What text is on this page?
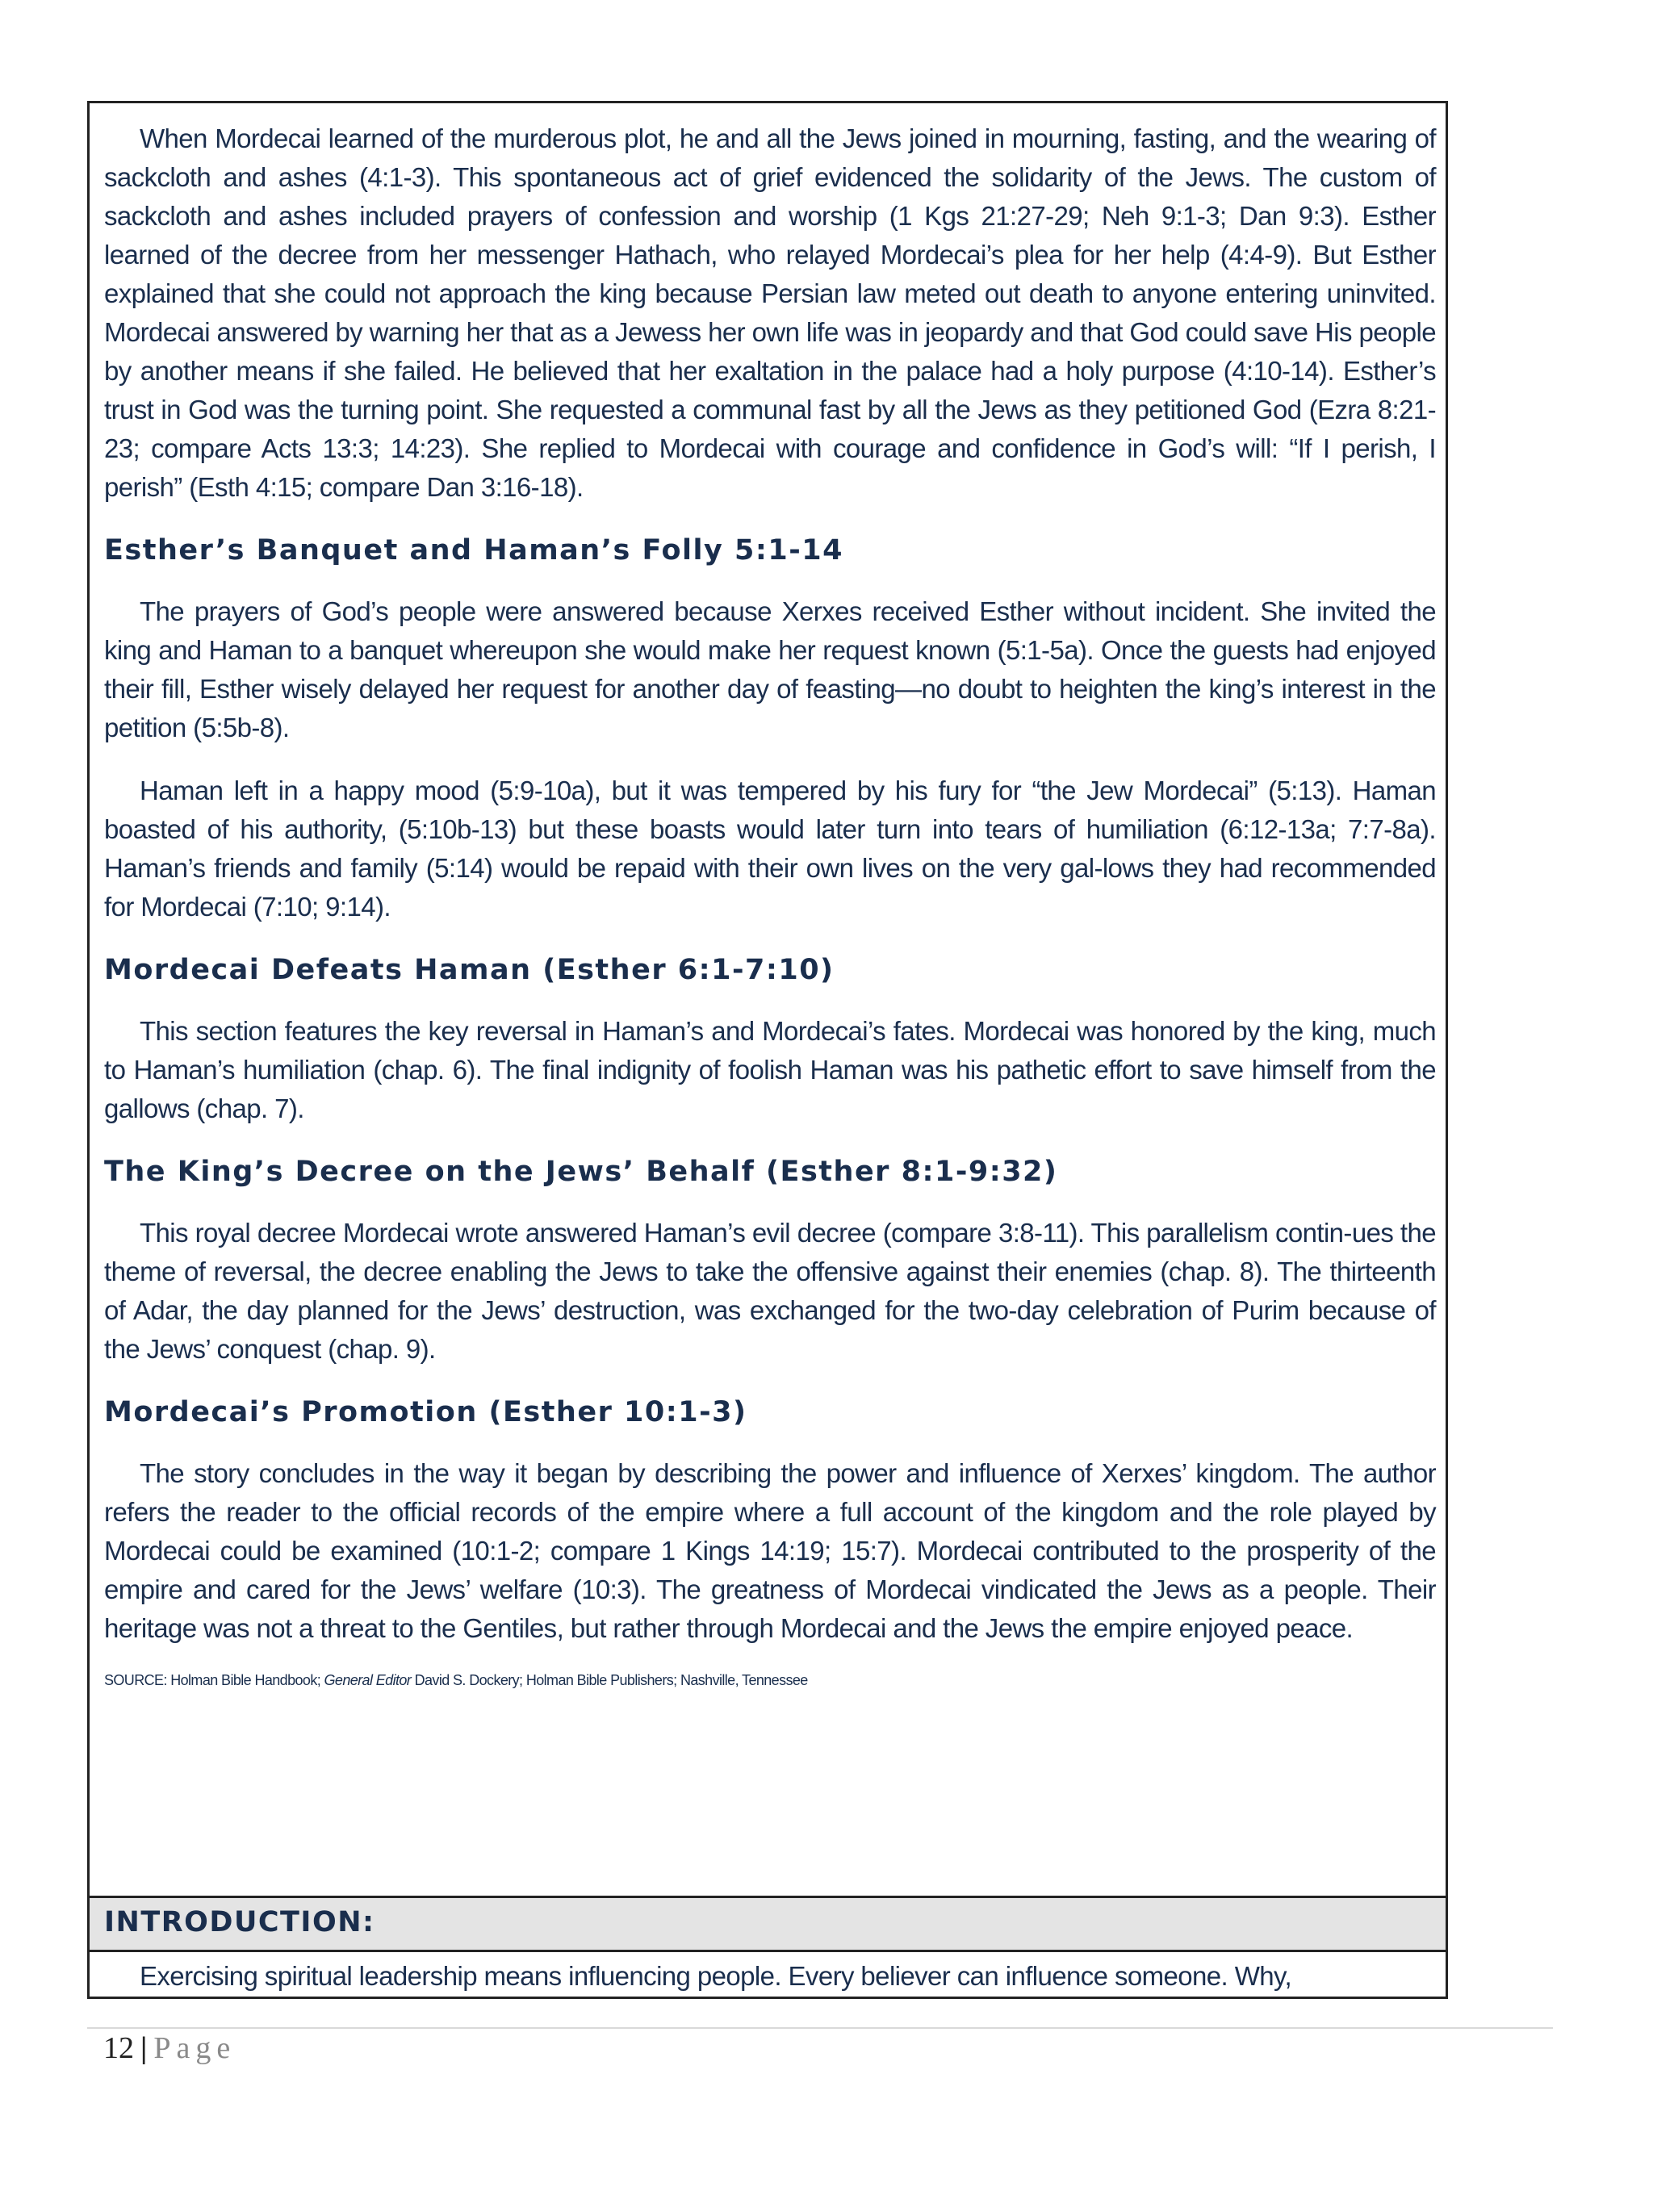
When Mordecai learned of the murderous plot, he and all the Jews joined in mourning, fasting, and the wearing of sackcloth and ashes (4:1-3). This spontaneous act of grief evidenced the solidarity of the Jews. The custom of sackcloth and ashes included prayers of confession and worship (1 Kgs 21:27-29; Neh 9:1-3; Dan 9:3). Esther learned of the decree from her messenger Hathach, who relayed Mordecai’s plea for her help (4:4-9). But Esther explained that she could not approach the king because Persian law meted out death to anyone entering uninvited. Mordecai answered by warning her that as a Jewess her own life was in jeopardy and that God could save His people by another means if she failed. He believed that her exaltation in the palace had a holy purpose (4:10-14). Esther’s trust in God was the turning point. She requested a communal fast by all the Jews as they petitioned God (Ezra 8:21-23; compare Acts 13:3; 14:23). She replied to Mordecai with courage and confidence in God’s will: “If I perish, I perish” (Esth 4:15; compare Dan 3:16-18).

Esther’s Banquet and Haman’s Folly 5:1-14

The prayers of God’s people were answered because Xerxes received Esther without incident. She invited the king and Haman to a banquet whereupon she would make her request known (5:1-5a). Once the guests had enjoyed their fill, Esther wisely delayed her request for another day of feasting—no doubt to heighten the king’s interest in the petition (5:5b-8).

Haman left in a happy mood (5:9-10a), but it was tempered by his fury for “the Jew Mordecai” (5:13). Haman boasted of his authority, (5:10b-13) but these boasts would later turn into tears of humiliation (6:12-13a; 7:7-8a). Haman’s friends and family (5:14) would be repaid with their own lives on the very gal-lows they had recommended for Mordecai (7:10; 9:14).

Mordecai Defeats Haman (Esther 6:1-7:10)

This section features the key reversal in Haman’s and Mordecai’s fates. Mordecai was honored by the king, much to Haman’s humiliation (chap. 6). The final indignity of foolish Haman was his pathetic effort to save himself from the gallows (chap. 7).

The King’s Decree on the Jews’ Behalf (Esther 8:1-9:32)

This royal decree Mordecai wrote answered Haman’s evil decree (compare 3:8-11). This parallelism contin-ues the theme of reversal, the decree enabling the Jews to take the offensive against their enemies (chap. 8). The thirteenth of Adar, the day planned for the Jews’ destruction, was exchanged for the two-day celebration of Purim because of the Jews’ conquest (chap. 9).

Mordecai’s Promotion (Esther 10:1-3)

The story concludes in the way it began by describing the power and influence of Xerxes’ kingdom. The author refers the reader to the official records of the empire where a full account of the kingdom and the role played by Mordecai could be examined (10:1-2; compare 1 Kings 14:19; 15:7). Mordecai contributed to the prosperity of the empire and cared for the Jews’ welfare (10:3). The greatness of Mordecai vindicated the Jews as a people. Their heritage was not a threat to the Gentiles, but rather through Mordecai and the Jews the empire enjoyed peace.

SOURCE: Holman Bible Handbook; General Editor David S. Dockery; Holman Bible Publishers; Nashville, Tennessee

INTRODUCTION:
Exercising spiritual leadership means influencing people. Every believer can influence someone. Why,
12 | Page
